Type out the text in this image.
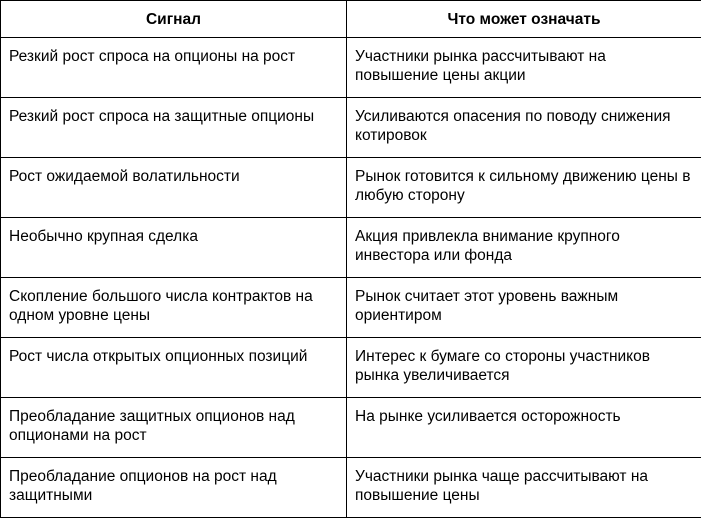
Сигнал	Что может означать
Резкий рост спроса на опционы на рост	Участники рынка рассчитывают на повышение цены акции
Резкий рост спроса на защитные опционы	Усиливаются опасения по поводу снижения котировок
Рост ожидаемой волатильности	Рынок готовится к сильному движению цены в любую сторону
Необычно крупная сделка	Акция привлекла внимание крупного инвестора или фонда
Скопление большого числа контрактов на одном уровне цены	Рынок считает этот уровень важным ориентиром
Рост числа открытых опционных позиций	Интерес к бумаге со стороны участников рынка увеличивается
Преобладание защитных опционов над опционами на рост	На рынке усиливается осторожность
Преобладание опционов на рост над защитными	Участники рынка чаще рассчитывают на повышение цены
